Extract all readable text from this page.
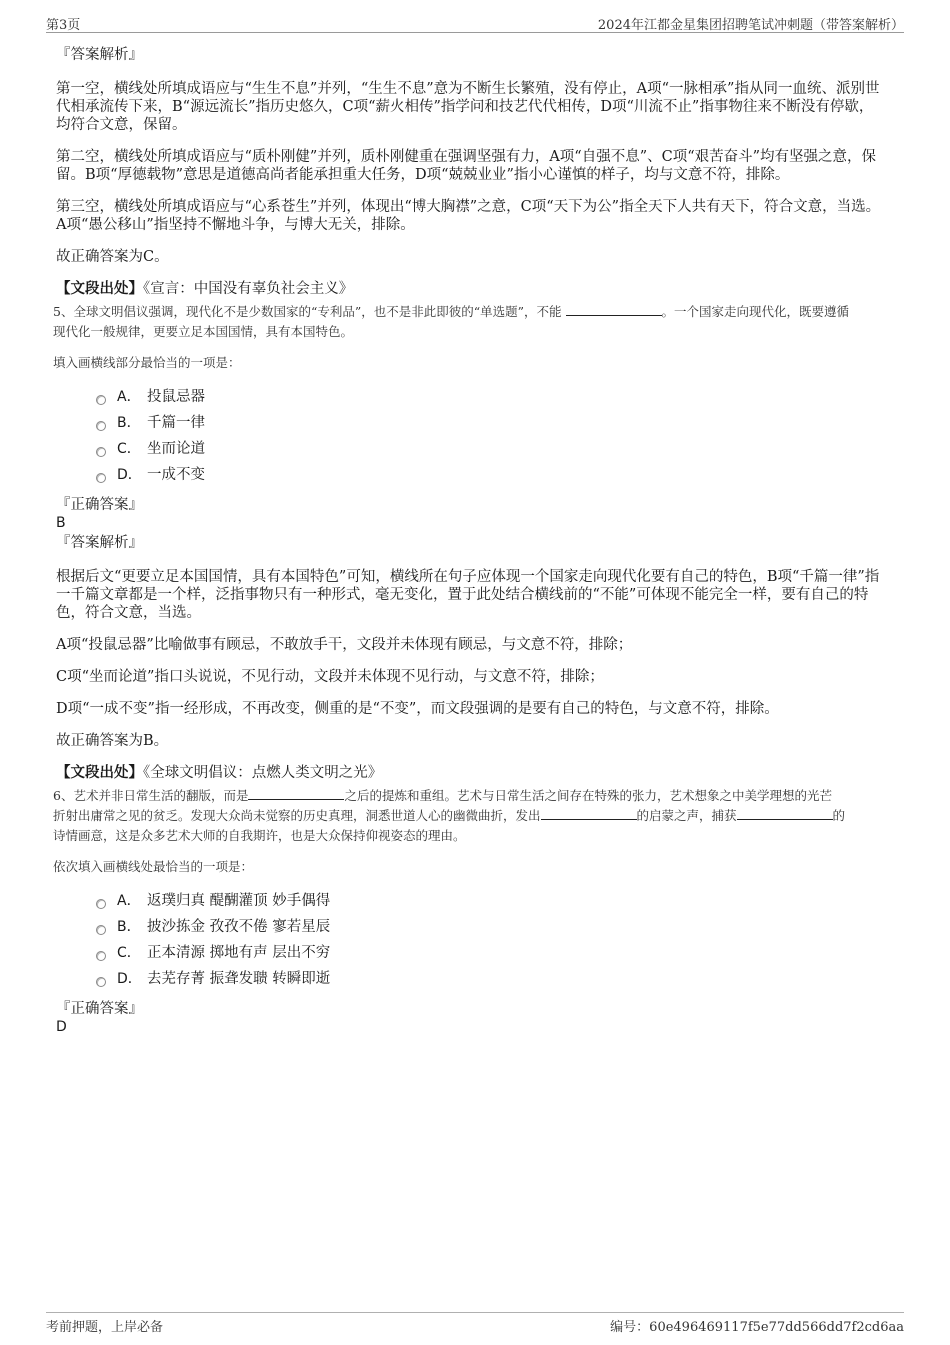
第3页	2024年江都金星集团招聘笔试冲刺题（带答案解析）
『答案解析』

第一空，横线处所填成语应与“生生不息”并列，“生生不息”意为不断生长繁殖，没有停止，A项“一脉相承”指从同一血统、派别世代相承流传下来，B“源远流长”指历史悠久，C项“薪火相传”指学问和技艺代代相传，D项“川流不止”指事物往来不断没有停歇，均符合文意，保留。

第二空，横线处所填成语应与“质朴刚健”并列，质朴刚健重在强调坚强有力，A项“自强不息”、C项“艰苦奋斗”均有坚强之意，保留。B项“厚德载物”意思是道德高尚者能承担重大任务，D项“兢兢业业”指小心谨慎的样子，均与文意不符，排除。

第三空，横线处所填成语应与“心系苍生”并列，体现出“博大胸襟”之意，C项“天下为公”指全天下人共有天下，符合文意，当选。A项“愚公移山”指坚持不懈地斗争，与博大无关，排除。

故正确答案为C。

【文段出处】《宣言：中国没有辜负社会主义》

5、全球文明倡议强调，现代化不是少数国家的“专利品”，也不是非此即彼的“单选题”，不能	。一个国家走向现代化，既要遵循
现代化一般规律，更要立足本国国情，具有本国特色。

填入画横线部分最恰当的一项是：
A． 投鼠忌器
B． 千篇一律
C． 坐而论道
D． 一成不变
『正确答案』
B
『答案解析』

根据后文“更要立足本国国情，具有本国特色”可知，横线所在句子应体现一个国家走向现代化要有自己的特色，B项“千篇一律”指一千篇文章都是一个样，泛指事物只有一种形式，毫无变化，置于此处结合横线前的“不能”可体现不能完全一样，要有自己的特色，符合文意，当选。

A项“投鼠忌器”比喻做事有顾忌，不敢放手干，文段并未体现有顾忌，与文意不符，排除；

C项“坐而论道”指口头说说，不见行动，文段并未体现不见行动，与文意不符，排除；

D项“一成不变”指一经形成，不再改变，侧重的是“不变”，而文段强调的是要有自己的特色，与文意不符，排除。

故正确答案为B。

【文段出处】《全球文明倡议：点燃人类文明之光》

6、艺术并非日常生活的翻版，而是	之后的提炼和重组。艺术与日常生活之间存在特殊的张力，艺术想象之中美学理想的光芒
折射出庸常之见的贫乏。发现大众尚未觉察的历史真理，洞悉世道人心的幽微曲折，发出	的启蒙之声，捕获	的
诗情画意，这是众多艺术大师的自我期许，也是大众保持仰视姿态的理由。

依次填入画横线处最恰当的一项是：
A． 返璞归真 醍醐灌顶 妙手偶得
B． 披沙拣金 孜孜不倦 寥若星辰
C． 正本清源 掷地有声 层出不穷
D． 去芜存菁 振聋发聩 转瞬即逝
『正确答案』
D
考前押题，上岸必备	编号：60e496469117f5e77dd566dd7f2cd6aa
